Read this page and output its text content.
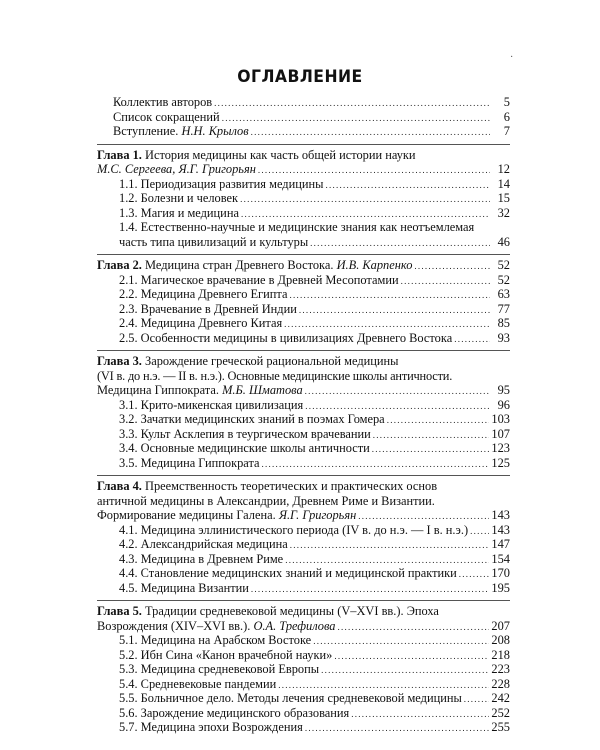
·
ОГЛАВЛЕНИЕ
Коллектив авторов . . .	5
Список сокращений . . .	6
Вступление.
Н.Н. Крылов . . .	7
Глава 1. История медицины как часть общей истории науки
М.С. Сергеева, Я.Г. Григорьян . . .	12
1.1. Периодизация развития медицины . . .	14
1.2. Болезни и человек . . .	15
1.3. Магия и медицина . . .	32
1.4. Естественно-научные и медицинские знания как неотъемлемая
часть типа цивилизаций и культуры . . .	46
Глава 2.
Медицина стран Древнего Востока.
И.В. Карпенко . . .	52
2.1. Магическое врачевание в Древней Месопотамии . . .	52
2.2. Медицина Древнего Египта . . .	63
2.3. Врачевание в Древней Индии . . .	77
2.4. Медицина Древнего Китая . . .	85
2.5. Особенности медицины в цивилизациях Древнего Востока . . .	93
Глава 3. Зарождение греческой рациональной медицины
(VI в. до н.э. — II в. н.э.). Основные медицинские школы античности.
Медицина Гиппократа.
М.Б. Шматова . . .	95
3.1. Крито-микенская цивилизация . . .	96
3.2. Зачатки медицинских знаний в поэмах Гомера . . .	103
3.3. Культ Асклепия в теургическом врачевании . . .	107
3.4. Основные медицинские школы античности . . .	123
3.5. Медицина Гиппократа . . .	125
Глава 4. Преемственность теоретических и практических основ
античной медицины в Александрии, Древнем Риме и Византии.
Формирование медицины Галена.
Я.Г. Григорьян . . .	143
4.1. Медицина эллинистического периода (IV в. до н.э. — I в. н.э.) . . . 143
4.2. Александрийская медицина . . .	147
4.3. Медицина в Древнем Риме . . .	154
4.4. Становление медицинских знаний и медицинской практики . . .	170
4.5. Медицина Византии . . .	195
Глава 5. Традиции средневековой медицины (V–XVI вв.). Эпоха
Возрождения (XIV–XVI вв.).
О.А. Трефилова . . .	207
5.1. Медицина на Арабском Востоке . . .	208
5.2. Ибн Сина «Канон врачебной науки» . . .	218
5.3. Медицина средневековой Европы . . .	223
5.4. Средневековые пандемии . . .	228
5.5. Больничное дело. Методы лечения средневековой медицины . . . 242
5.6. Зарождение медицинского образования . . .	252
5.7. Медицина эпохи Возрождения . . .	255
